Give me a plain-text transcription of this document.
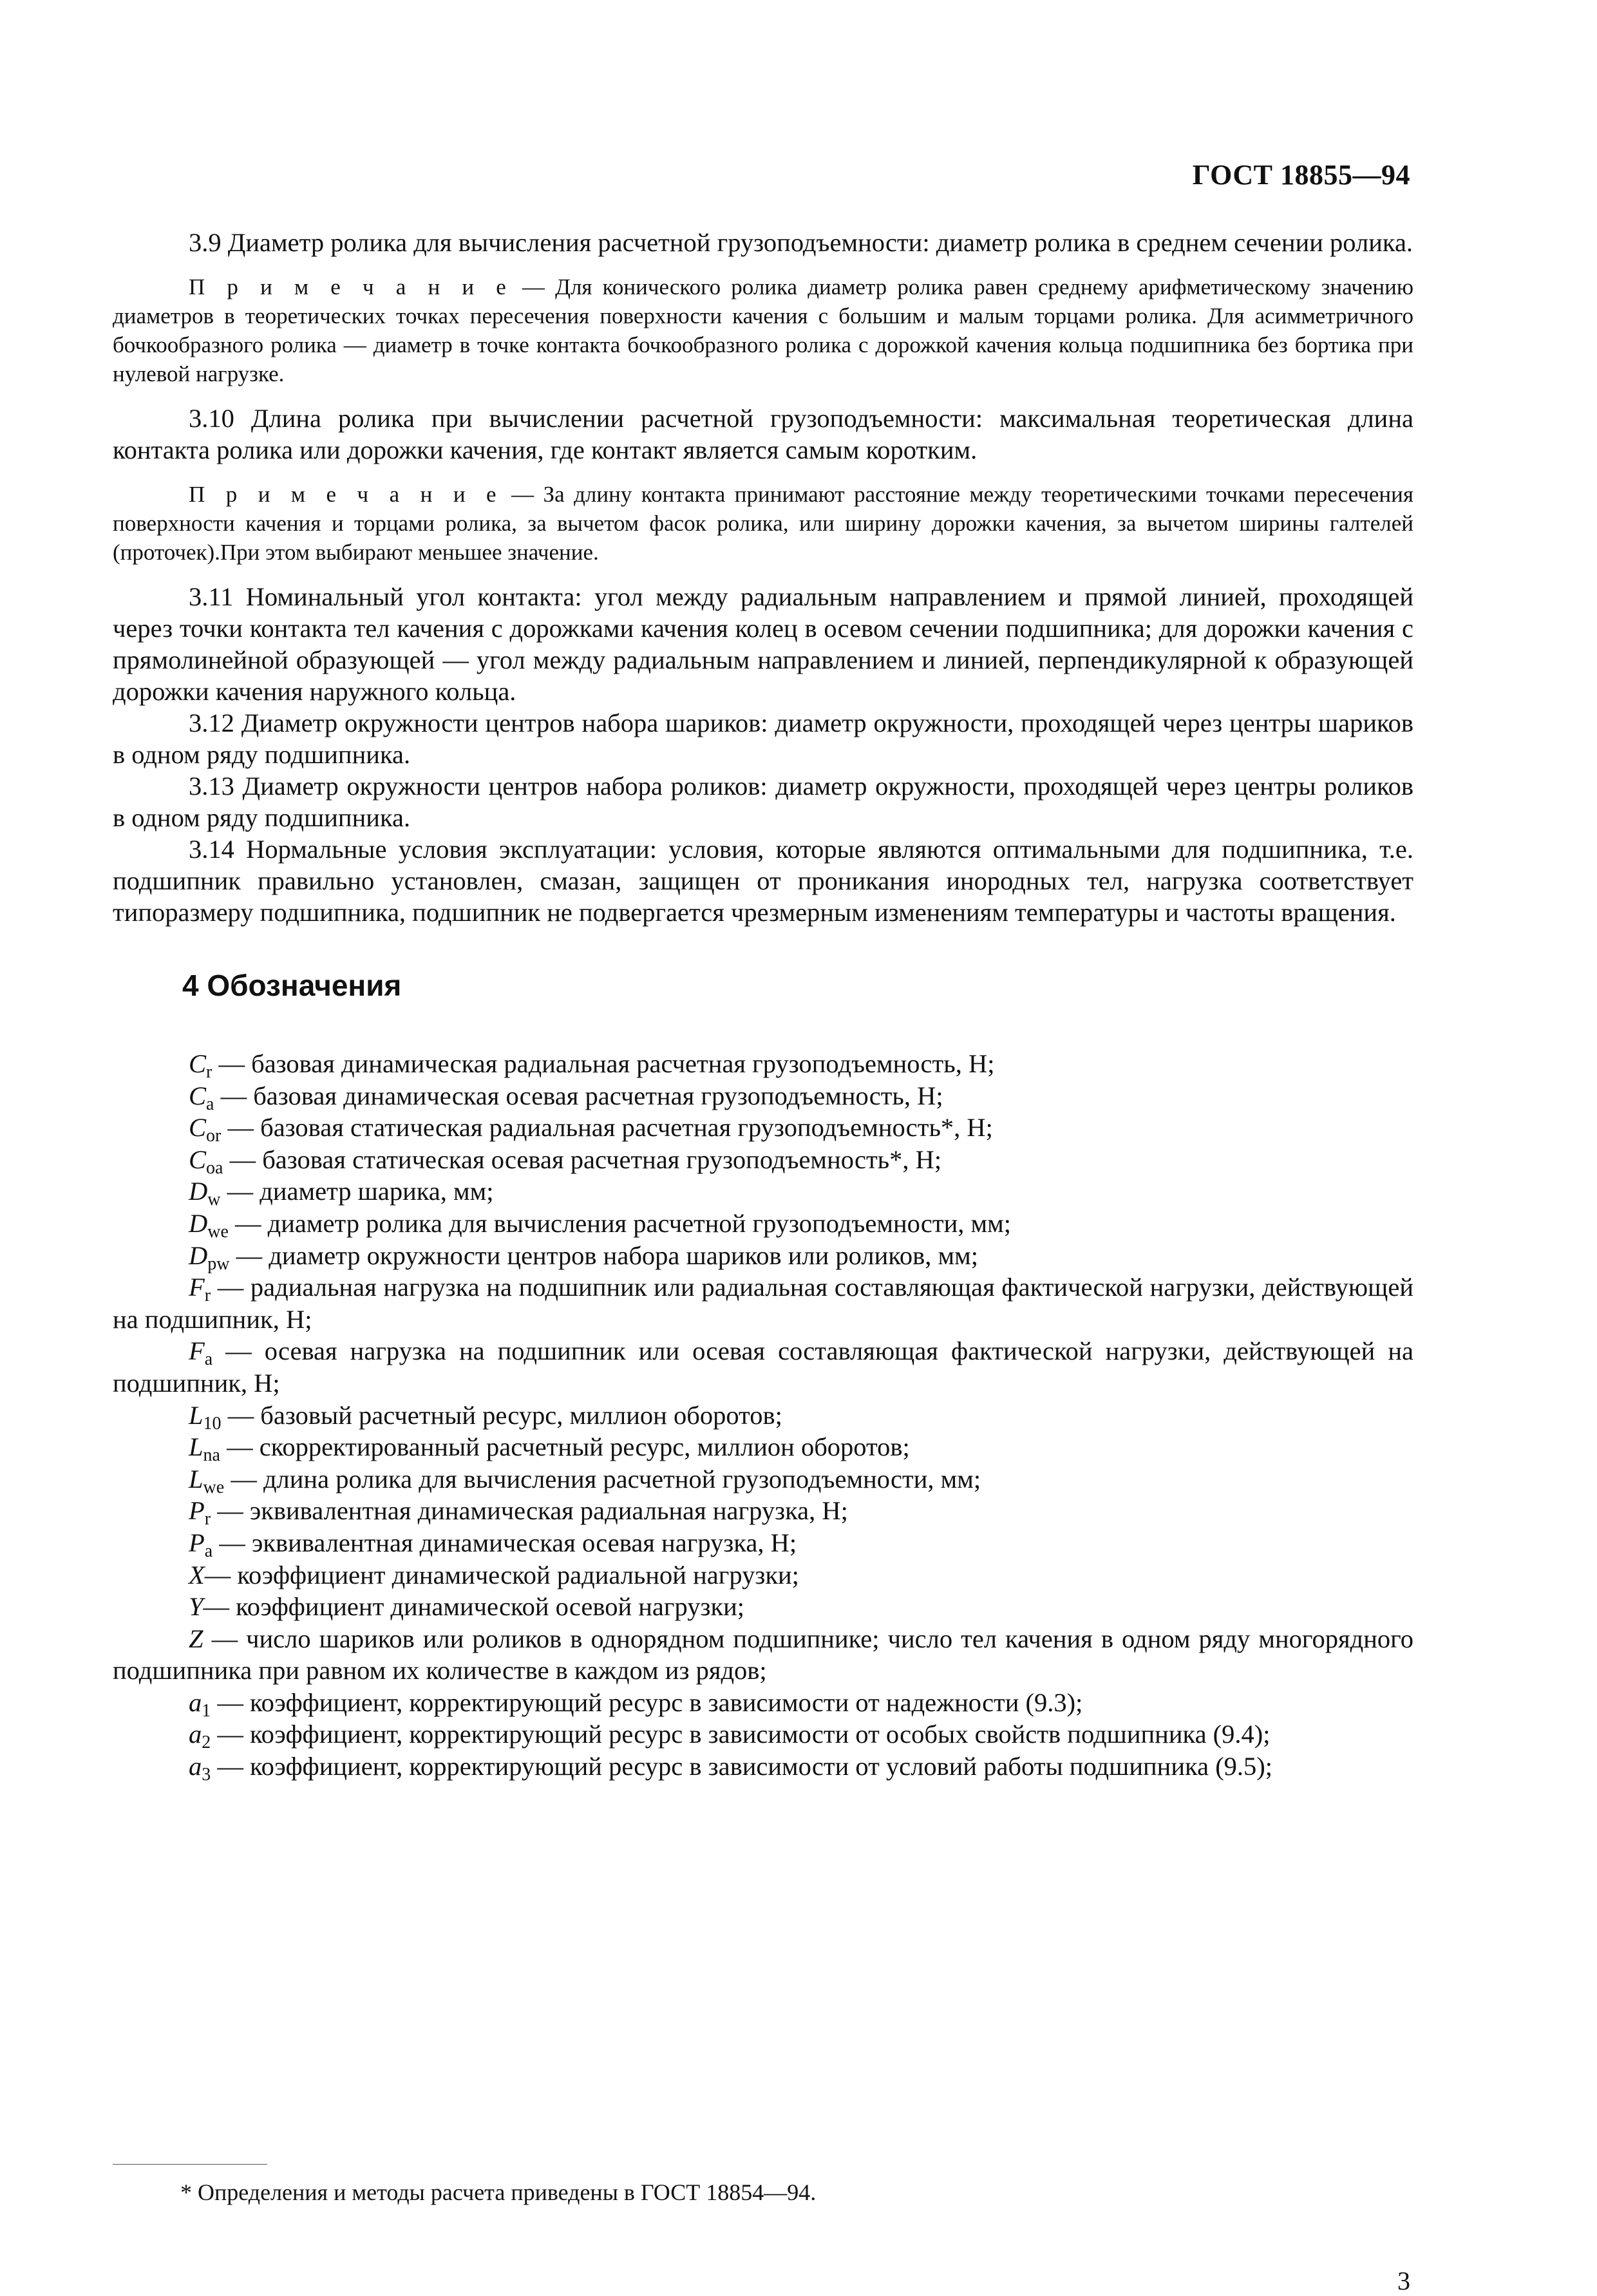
ГОСТ 18855—94

3.9 Диаметр ролика для вычисления расчетной грузоподъемности: диаметр ролика в среднем сечении ролика.

П р и м е ч а н и е — Для конического ролика диаметр ролика равен среднему арифметическому значению диаметров в теоретических точках пересечения поверхности качения с большим и малым торцами ролика. Для асимметричного бочкообразного ролика — диаметр в точке контакта бочкообразного ролика с дорожкой качения кольца подшипника без бортика при нулевой нагрузке.

3.10 Длина ролика при вычислении расчетной грузоподъемности: максимальная теоретическая длина контакта ролика или дорожки качения, где контакт является самым коротким.

П р и м е ч а н и е — За длину контакта принимают расстояние между теоретическими точками пересечения поверхности качения и торцами ролика, за вычетом фасок ролика, или ширину дорожки качения, за вычетом ширины галтелей (проточек).При этом выбирают меньшее значение.

3.11 Номинальный угол контакта: угол между радиальным направлением и прямой линией, проходящей через точки контакта тел качения с дорожками качения колец в осевом сечении подшипника; для дорожки качения с прямолинейной образующей — угол между радиальным направлением и линией, перпендикулярной к образующей дорожки качения наружного кольца.

3.12 Диаметр окружности центров набора шариков: диаметр окружности, проходящей через центры шариков в одном ряду подшипника.

3.13 Диаметр окружности центров набора роликов: диаметр окружности, проходящей через центры роликов в одном ряду подшипника.

3.14 Нормальные условия эксплуатации: условия, которые являются оптимальными для подшипника, т.е. подшипник правильно установлен, смазан, защищен от проникания инородных тел, нагрузка соответствует типоразмеру подшипника, подшипник не подвергается чрезмерным изменениям температуры и частоты вращения.

4 Обозначения

$C_r$ — базовая динамическая радиальная расчетная грузоподъемность, Н;

$C_a$ — базовая динамическая осевая расчетная грузоподъемность, Н;

$C_{or}$ — базовая статическая радиальная расчетная грузоподъемность*, Н;

$C_{oa}$ — базовая статическая осевая расчетная грузоподъемность*, Н;

$D_w$ — диаметр шарика, мм;

$D_{we}$ — диаметр ролика для вычисления расчетной грузоподъемности, мм;

$D_{pw}$ — диаметр окружности центров набора шариков или роликов, мм;

$F_r$ — радиальная нагрузка на подшипник или радиальная составляющая фактической нагрузки, действующей на подшипник, Н;

$F_a$ — осевая нагрузка на подшипник или осевая составляющая фактической нагрузки, действующей на подшипник, Н;

$L_{10}$ — базовый расчетный ресурс, миллион оборотов;

$L_{na}$ — скорректированный расчетный ресурс, миллион оборотов;

$L_{we}$ — длина ролика для вычисления расчетной грузоподъемности, мм;

$P_r$ — эквивалентная динамическая радиальная нагрузка, Н;

$P_a$ — эквивалентная динамическая осевая нагрузка, Н;

X— коэффициент динамической радиальной нагрузки;

Y— коэффициент динамической осевой нагрузки;

Z — число шариков или роликов в однорядном подшипнике; число тел качения в одном ряду многорядного подшипника при равном их количестве в каждом из рядов;

$a_1$ — коэффициент, корректирующий ресурс в зависимости от надежности (9.3);

$a_2$ — коэффициент, корректирующий ресурс в зависимости от особых свойств подшипника (9.4);

$a_3$ — коэффициент, корректирующий ресурс в зависимости от условий работы подшипника (9.5);

* Определения и методы расчета приведены в ГОСТ 18854—94.
3
